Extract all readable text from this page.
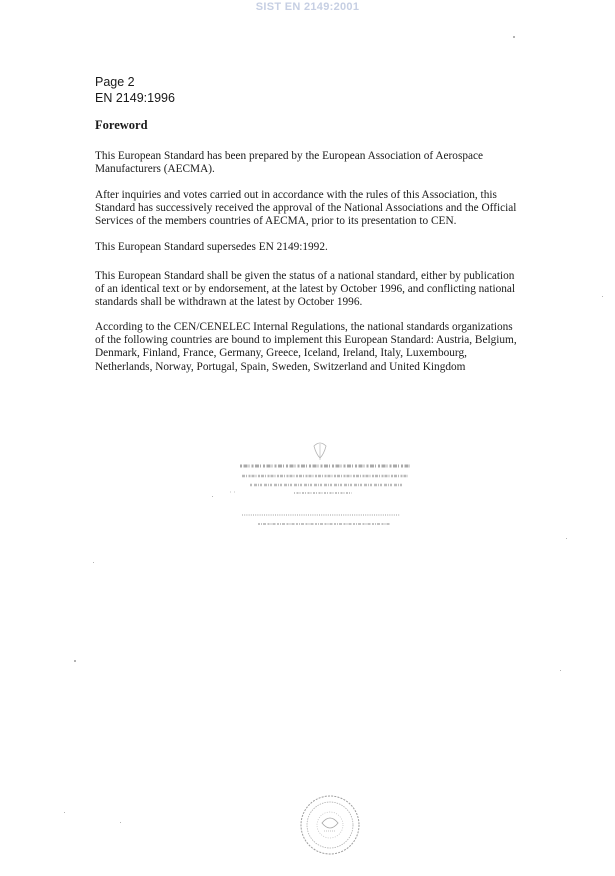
SIST EN 2149:2001
Page 2
EN 2149:1996
Foreword
This European Standard has been prepared by the European Association of Aerospace
Manufacturers (AECMA).
After inquiries and votes carried out in accordance with the rules of this Association, this
Standard has successively received the approval of the National Associations and the Official
Services of the members countries of AECMA, prior to its presentation to CEN.
This European Standard supersedes EN 2149:1992.
This European Standard shall be given the status of a national standard, either by publication
of an identical text or by endorsement, at the latest by October 1996, and conflicting national
standards shall be withdrawn at the latest by October 1996.
According to the CEN/CENELEC Internal Regulations, the national standards organizations
of the following countries are bound to implement this European Standard: Austria, Belgium,
Denmark, Finland, France, Germany, Greece, Iceland, Ireland, Italy, Luxembourg,
Netherlands, Norway, Portugal, Spain, Sweden, Switzerland and United Kingdom
